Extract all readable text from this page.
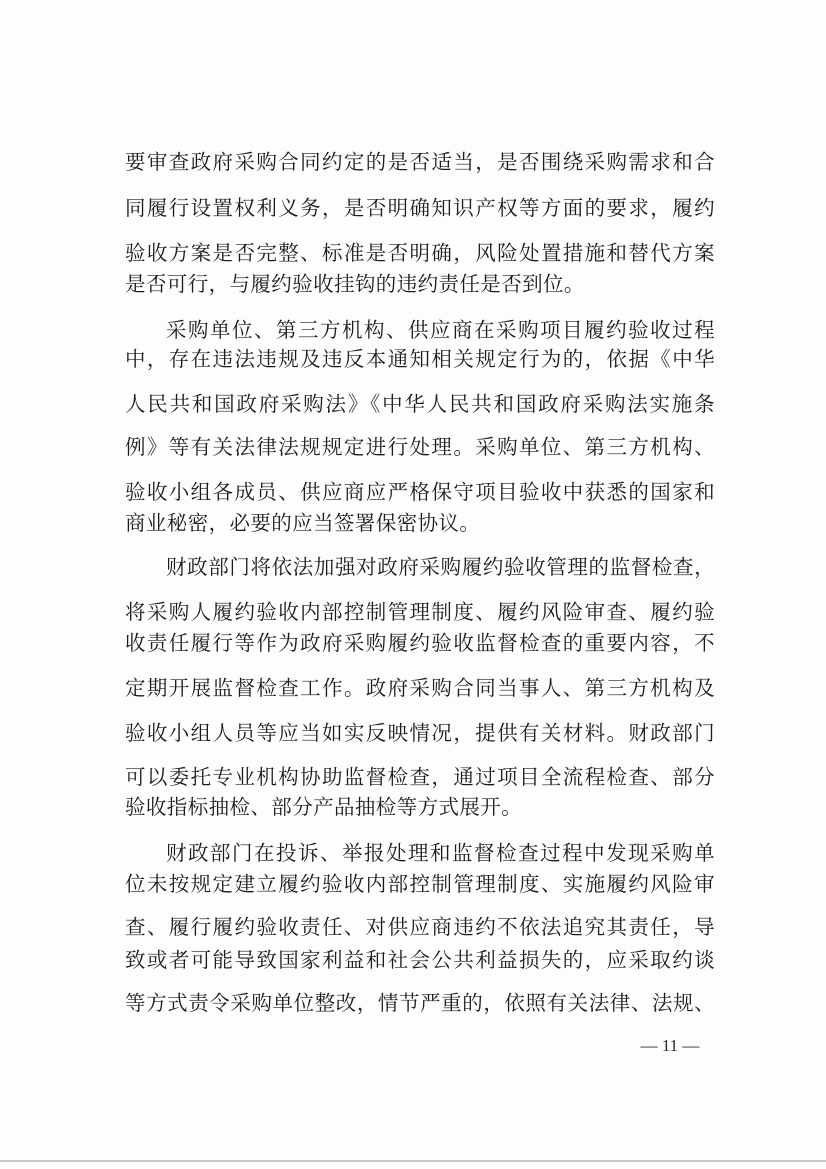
要审查政府采购合同约定的是否适当，是否围绕采购需求和合
同履行设置权利义务，是否明确知识产权等方面的要求，履约
验收方案是否完整、标准是否明确，风险处置措施和替代方案
是否可行，与履约验收挂钩的违约责任是否到位。
采购单位、第三方机构、供应商在采购项目履约验收过程
中，存在违法违规及违反本通知相关规定行为的，依据《中华
人民共和国政府采购法》《中华人民共和国政府采购法实施条
例》等有关法律法规规定进行处理。采购单位、第三方机构、
验收小组各成员、供应商应严格保守项目验收中获悉的国家和
商业秘密，必要的应当签署保密协议。
财政部门将依法加强对政府采购履约验收管理的监督检查，
将采购人履约验收内部控制管理制度、履约风险审查、履约验
收责任履行等作为政府采购履约验收监督检查的重要内容，不
定期开展监督检查工作。政府采购合同当事人、第三方机构及
验收小组人员等应当如实反映情况，提供有关材料。财政部门
可以委托专业机构协助监督检查，通过项目全流程检查、部分
验收指标抽检、部分产品抽检等方式展开。
财政部门在投诉、举报处理和监督检查过程中发现采购单
位未按规定建立履约验收内部控制管理制度、实施履约风险审
查、履行履约验收责任、对供应商违约不依法追究其责任，导
致或者可能导致国家利益和社会公共利益损失的，应采取约谈
等方式责令采购单位整改，情节严重的，依照有关法律、法规、
— 11 —
